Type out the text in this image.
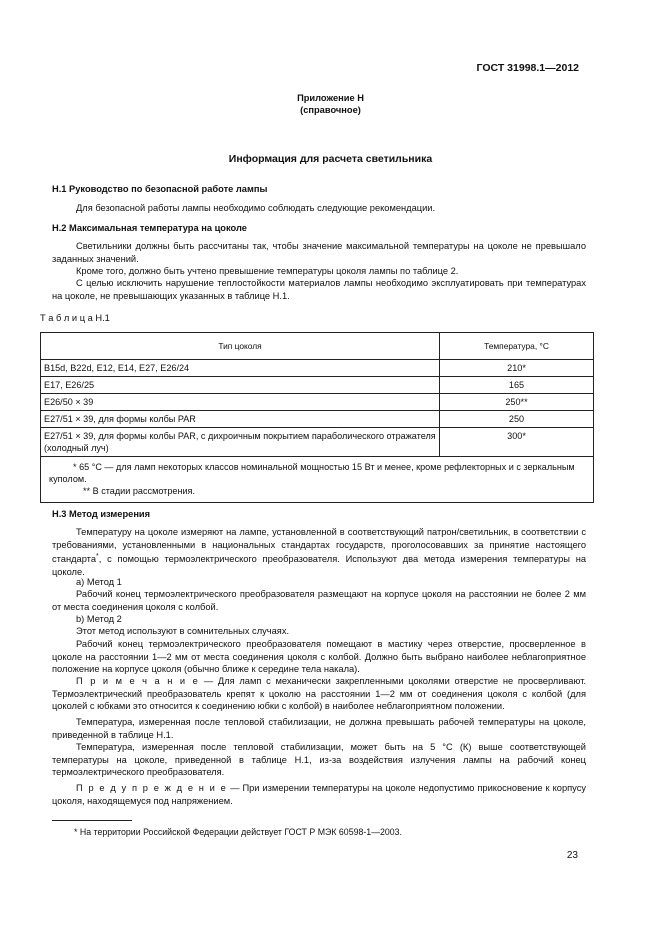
ГОСТ 31998.1—2012
Приложение Н
(справочное)
Информация для расчета светильника
Н.1 Руководство по безопасной работе лампы
Для безопасной работы лампы необходимо соблюдать следующие рекомендации.
Н.2 Максимальная температура на цоколе
Светильники должны быть рассчитаны так, чтобы значение максимальной температуры на цоколе не превышало заданных значений.
Кроме того, должно быть учтено превышение температуры цоколя лампы по таблице 2.
С целью исключить нарушение теплостойкости материалов лампы необходимо эксплуатировать при температурах на цоколе, не превышающих указанных в таблице Н.1.
Т а б л и ц а Н.1
Тип цоколя	Температура, °С
B15d, B22d, E12, E14, E27, E26/24	210*
E17, E26/25	165
E26/50 × 39	250**
E27/51 × 39, для формы колбы PAR	250
E27/51 × 39, для формы колбы PAR, с дихроичным покрытием параболического отражателя (холодный луч)	300*

* 65 °С — для ламп некоторых классов номинальной мощностью 15 Вт и менее, кроме рефлекторных и с зеркальным куполом.
** В стадии рассмотрения.	
Н.3 Метод измерения
Температуру на цоколе измеряют на лампе, установленной в соответствующий патрон/светильник, в соответствии с требованиями, установленными в национальных стандартах государств, проголосовавших за принятие настоящего стандарта*, с помощью термоэлектрического преобразователя. Используют два метода измерения температуры на цоколе.
а) Метод 1
Рабочий конец термоэлектрического преобразователя размещают на корпусе цоколя на расстоянии не более 2 мм от места соединения цоколя с колбой.
b) Метод 2
Этот метод используют в сомнительных случаях.
Рабочий конец термоэлектрического преобразователя помещают в мастику через отверстие, просверленное в цоколе на расстоянии 1—2 мм от места соединения цоколя с колбой. Должно быть выбрано наиболее неблагоприятное положение на корпусе цоколя (обычно ближе к середине тела накала).
П р и м е ч а н и е — Для ламп с механически закрепленными цоколями отверстие не просверливают. Термоэлектрический преобразователь крепят к цоколю на расстоянии 1—2 мм от соединения цоколя с колбой (для цоколей с юбками это относится к соединению юбки с колбой) в наиболее неблагоприятном положении.
Температура, измеренная после тепловой стабилизации, не должна превышать рабочей температуры на цоколе, приведенной в таблице Н.1.
Температура, измеренная после тепловой стабилизации, может быть на 5 °С (К) выше соответствующей температуры на цоколе, приведенной в таблице Н.1, из-за воздействия излучения лампы на рабочий конец термоэлектрического преобразователя.
П р е д у п р е ж д е н и е — При измерении температуры на цоколе недопустимо прикосновение к корпусу цоколя, находящемуся под напряжением.
* На территории Российской Федерации действует ГОСТ Р МЭК 60598-1—2003.
23
